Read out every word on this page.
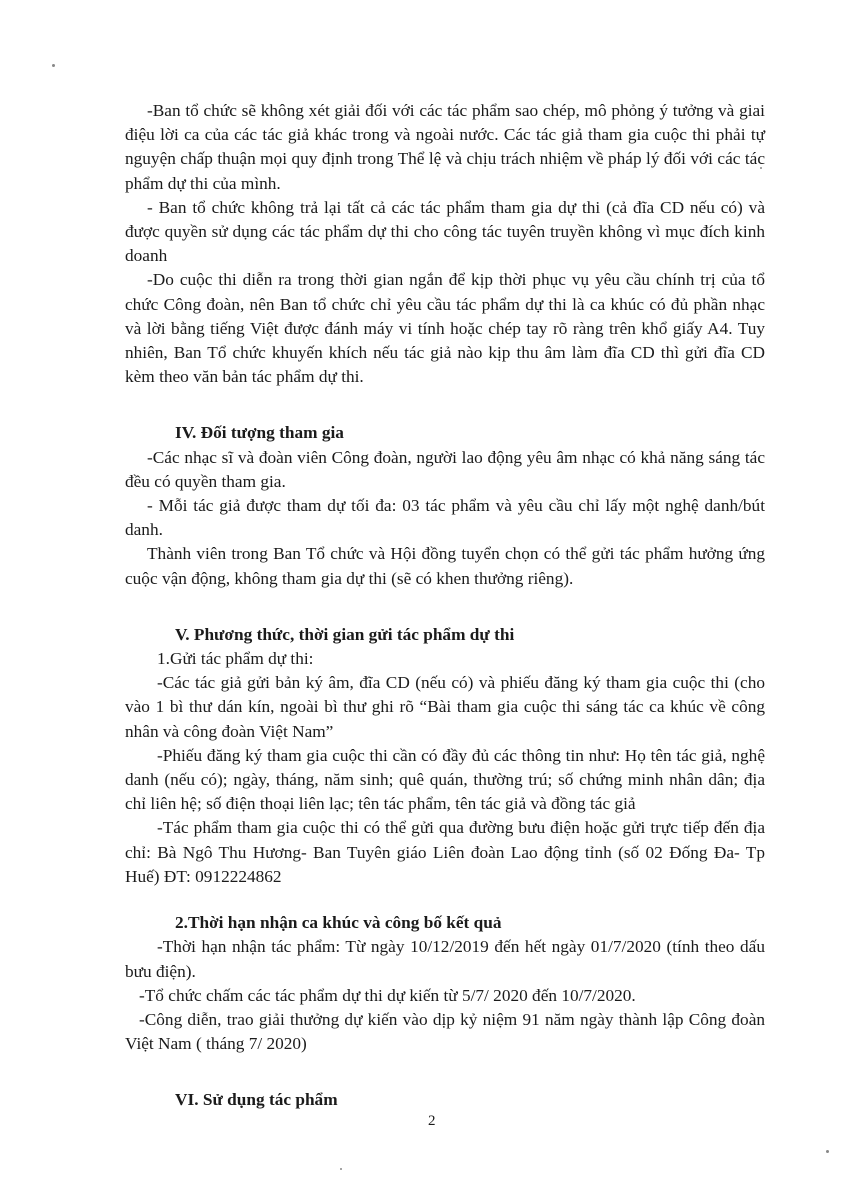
-Ban tổ chức sẽ không xét giải đối với các tác phẩm sao chép, mô phỏng ý tưởng và giai điệu lời ca của các tác giả khác trong và ngoài nước. Các tác giả tham gia cuộc thi phải tự nguyện chấp thuận mọi quy định trong Thể lệ và chịu trách nhiệm về pháp lý đối với các tác phẩm dự thi của mình.

- Ban tổ chức không trả lại tất cả các tác phẩm tham gia dự thi (cả đĩa CD nếu có) và được quyền sử dụng các tác phẩm dự thi cho công tác tuyên truyền không vì mục đích kinh doanh

-Do cuộc thi diễn ra trong thời gian ngắn để kịp thời phục vụ yêu cầu chính trị của tổ chức Công đoàn, nên Ban tổ chức chỉ yêu cầu tác phẩm dự thi là ca khúc có đủ phần nhạc và lời bằng tiếng Việt được đánh máy vi tính hoặc chép tay rõ ràng trên khổ giấy A4. Tuy nhiên, Ban Tổ chức khuyến khích nếu tác giả nào kịp thu âm làm đĩa CD thì gửi đĩa CD kèm theo văn bản tác phẩm dự thi.

IV. Đối tượng tham gia

-Các nhạc sĩ và đoàn viên Công đoàn, người lao động yêu âm nhạc có khả năng sáng tác đều có quyền tham gia.

- Mỗi tác giả được tham dự tối đa: 03 tác phẩm và yêu cầu chỉ lấy một nghệ danh/bút danh.

Thành viên trong Ban Tổ chức và Hội đồng tuyển chọn có thể gửi tác phẩm hưởng ứng cuộc vận động, không tham gia dự thi (sẽ có khen thưởng riêng).

V. Phương thức, thời gian gửi tác phẩm dự thi

1.Gửi tác phẩm dự thi:

-Các tác giả gửi bản ký âm, đĩa CD (nếu có) và phiếu đăng ký tham gia cuộc thi (cho vào 1 bì thư dán kín, ngoài bì thư ghi rõ “Bài tham gia cuộc thi sáng tác ca khúc về công nhân và công đoàn Việt Nam”

-Phiếu đăng ký tham gia cuộc thi cần có đầy đủ các thông tin như: Họ tên tác giả, nghệ danh (nếu có); ngày, tháng, năm sinh; quê quán, thường trú; số chứng minh nhân dân; địa chỉ liên hệ; số điện thoại liên lạc; tên tác phẩm, tên tác giả và đồng tác giả

-Tác phẩm tham gia cuộc thi có thể gửi qua đường bưu điện hoặc gửi trực tiếp đến địa chỉ: Bà Ngô Thu Hương- Ban Tuyên giáo Liên đoàn Lao động tỉnh (số 02 Đống Đa- Tp Huế) ĐT: 0912224862

2.Thời hạn nhận ca khúc và công bố kết quả

-Thời hạn nhận tác phẩm: Từ ngày 10/12/2019 đến hết ngày 01/7/2020 (tính theo dấu bưu điện).

-Tổ chức chấm các tác phẩm dự thi dự kiến từ 5/7/ 2020 đến 10/7/2020.

-Công diễn, trao giải thưởng dự kiến vào dịp kỷ niệm 91 năm ngày thành lập Công đoàn Việt Nam ( tháng 7/ 2020)

VI. Sử dụng tác phẩm

2
